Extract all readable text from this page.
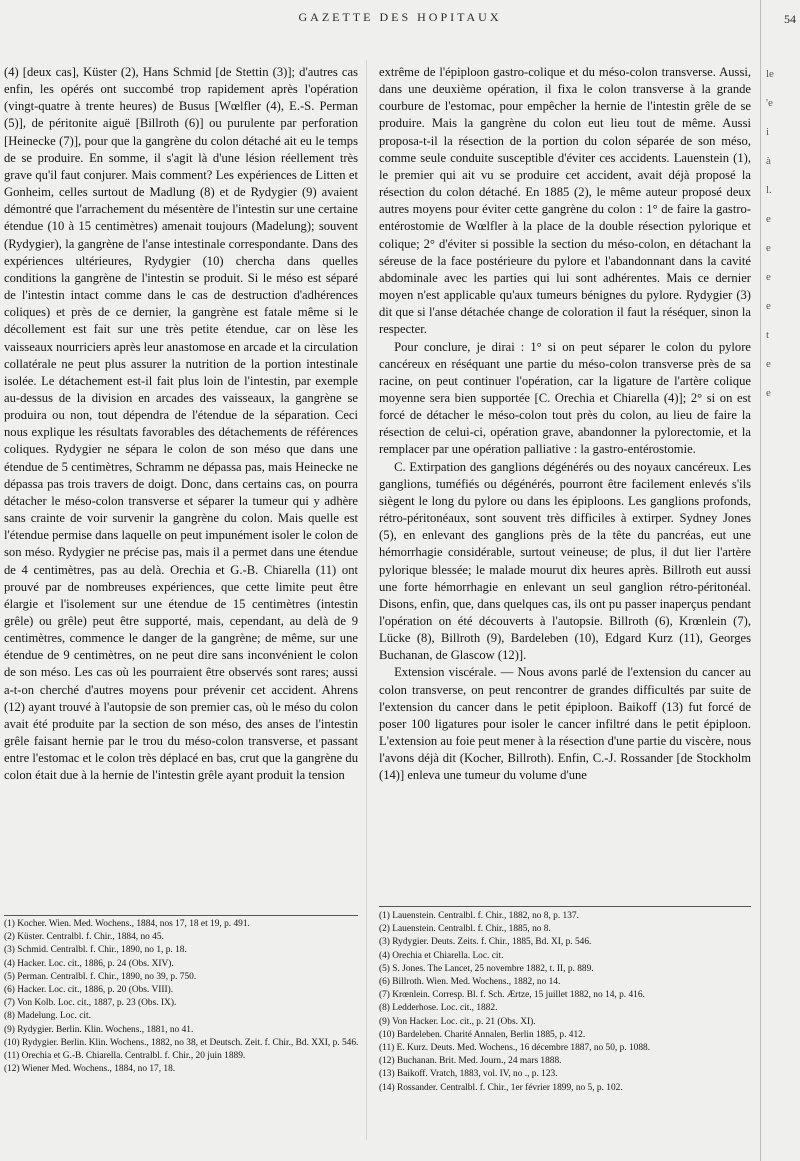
GAZETTE DES HOPITAUX	54

(4) [deux cas], Küster (2), Hans Schmid [de Stettin (3)]; d'autres cas enfin, les opérés ont succombé trop rapidement après l'opération (vingt-quatre à trente heures) de Busus [Wœlfler (4), E.-S. Perman (5)], de péritonite aiguë [Billroth (6)] ou purulente par perforation [Heinecke (7)], pour que la gangrène du colon détaché ait eu le temps de se produire. En somme, il s'agit là d'une lésion réellement très grave qu'il faut conjurer. Mais comment? Les expériences de Litten et Gonheim, celles surtout de Madlung (8) et de Rydygier (9) avaient démontré que l'arrachement du mésentère de l'intestin sur une certaine étendue (10 à 15 centimètres) amenait toujours (Madelung); souvent (Rydygier), la gangrène de l'anse intestinale correspondante. Dans des expériences ultérieures, Rydygier (10) chercha dans quelles conditions la gangrène de l'intestin se produit. Si le méso est séparé de l'intestin intact comme dans le cas de destruction d'adhérences coliques) et près de ce dernier, la gangrène est fatale même si le décollement est fait sur une très petite étendue, car on lèse les vaisseaux nourriciers après leur anastomose en arcade et la circulation collatérale ne peut plus assurer la nutrition de la portion intestinale isolée. Le détachement est-il fait plus loin de l'intestin, par exemple au-dessus de la division en arcades des vaisseaux, la gangrène se produira ou non, tout dépendra de l'étendue de la séparation. Ceci nous explique les résultats favorables des détachements de références coliques. Rydygier ne sépara le colon de son méso que dans une étendue de 5 centimètres, Schramm ne dépassa pas, mais Heinecke ne dépassa pas trois travers de doigt. Donc, dans certains cas, on pourra détacher le méso-colon transverse et séparer la tumeur qui y adhère sans crainte de voir survenir la gangrène du colon. Mais quelle est l'étendue permise dans laquelle on peut impunément isoler le colon de son méso. Rydygier ne précise pas, mais il a permet dans une étendue de 4 centimètres, pas au delà. Orechia et G.-B. Chiarella (11) ont prouvé par de nombreuses expériences, que cette limite peut être élargie et l'isolement sur une étendue de 15 centimètres (intestin grêle) ou grêle) peut être supporté, mais, cependant, au delà de 9 centimètres, commence le danger de la gangrène; de même, sur une étendue de 9 centimètres, on ne peut dire sans inconvénient le colon de son méso. Les cas où les pourraient être observés sont rares; aussi a-t-on cherché d'autres moyens pour prévenir cet accident. Ahrens (12) ayant trouvé à l'autopsie de son premier cas, où le méso du colon avait été produite par la section de son méso, des anses de l'intestin grêle faisant hernie par le trou du méso-colon transverse, et passant entre l'estomac et le colon très déplacé en bas, crut que la gangrène du colon était due à la hernie de l'intestin grêle ayant produit la tension

extrême de l'épiploon gastro-colique et du méso-colon transverse. Aussi, dans une deuxième opération, il fixa le colon transverse à la grande courbure de l'estomac, pour empêcher la hernie de l'intestin grêle de se produire. Mais la gangrène du colon eut lieu tout de même. Aussi proposa-t-il la résection de la portion du colon séparée de son méso, comme seule conduite susceptible d'éviter ces accidents. Lauenstein (1), le premier qui ait vu se produire cet accident, avait déjà proposé la résection du colon détaché. En 1885 (2), le même auteur proposé deux autres moyens pour éviter cette gangrène du colon : 1° de faire la gastro-entérostomie de Wœlfler à la place de la double résection pylorique et colique; 2° d'éviter si possible la section du méso-colon, en détachant la séreuse de la face postérieure du pylore et l'abandonnant dans la cavité abdominale avec les parties qui lui sont adhérentes. Mais ce dernier moyen n'est applicable qu'aux tumeurs bénignes du pylore. Rydygier (3) dit que si l'anse détachée change de coloration il faut la réséquer, sinon la respecter.

Pour conclure, je dirai : 1° si on peut séparer le colon du pylore cancéreux en réséquant une partie du méso-colon transverse près de sa racine, on peut continuer l'opération, car la ligature de l'artère colique moyenne sera bien supportée [C. Orechia et Chiarella (4)]; 2° si on est forcé de détacher le méso-colon tout près du colon, au lieu de faire la résection de celui-ci, opération grave, abandonner la pylorectomie, et la remplacer par une opération palliative : la gastro-entérostomie.

C. Extirpation des ganglions dégénérés ou des noyaux cancéreux. Les ganglions, tuméfiés ou dégénérés, pourront être facilement enlevés s'ils siègent le long du pylore ou dans les épiploons. Les ganglions profonds, rétro-péritonéaux, sont souvent très difficiles à extirper. Sydney Jones (5), en enlevant des ganglions près de la tête du pancréas, eut une hémorrhagie considérable, surtout veineuse; de plus, il dut lier l'artère pylorique blessée; le malade mourut dix heures après. Billroth eut aussi une forte hémorrhagie en enlevant un seul ganglion rétro-péritonéal. Disons, enfin, que, dans quelques cas, ils ont pu passer inaperçus pendant l'opération on été découverts à l'autopsie. Billroth (6), Krœnlein (7), Lücke (8), Billroth (9), Bardeleben (10), Edgard Kurz (11), Georges Buchanan, de Glascow (12)].

Extension viscérale. — Nous avons parlé de l'extension du cancer au colon transverse, on peut rencontrer de grandes difficultés par suite de l'extension du cancer dans le petit épiploon. Baikoff (13) fut forcé de poser 100 ligatures pour isoler le cancer infiltré dans le petit épiploon. L'extension au foie peut mener à la résection d'une partie du viscère, nous l'avons déjà dit (Kocher, Billroth). Enfin, C.-J. Rossander [de Stockholm (14)] enleva une tumeur du volume d'une

(1) Kocher. Wien. Med. Wochens., 1884, nos 17, 18 et 19, p. 491.
(2) Küster. Centralbl. f. Chir., 1884, no 45.
(3) Schmid. Centralbl. f. Chir., 1890, no 1, p. 18.
(4) Hacker. Loc. cit., 1886, p. 24 (Obs. XIV).
(5) Perman. Centralbl. f. Chir., 1890, no 39, p. 750.
(6) Hacker. Loc. cit., 1886, p. 20 (Obs. VIII).
(7) Von Kolb. Loc. cit., 1887, p. 23 (Obs. IX).
(8) Madelung. Loc. cit.
(9) Rydygier. Berlin. Klin. Wochens., 1881, no 41.
(10) Rydygier. Berlin. Klin. Wochens., 1882, no 38, et Deutsch. Zeit. f. Chir., Bd. XXI, p. 546.
(11) Orechia et G.-B. Chiarella. Centralbl. f. Chir., 20 juin 1889.
(12) Wiener Med. Wochens., 1884, no 17, 18.
(1) Lauenstein. Centralbl. f. Chir., 1882, no 8, p. 137.
(2) Lauenstein. Centralbl. f. Chir., 1885, no 8.
(3) Rydygier. Deuts. Zeits. f. Chir., 1885, Bd. XI, p. 546.
(4) Orechia et Chiarella. Loc. cit.
(5) S. Jones. The Lancet, 25 novembre 1882, t. II, p. 889.
(6) Billroth. Wien. Med. Wochens., 1882, no 14.
(7) Krœnlein. Corresp. Bl. f. Sch. Ærtze, 15 juillet 1882, no 14, p. 416.
(8) Ledderhose. Loc. cit., 1882.
(9) Von Hacker. Loc. cit., p. 21 (Obs. XI).
(10) Bardeleben. Charité Annalen, Berlin 1885, p. 412.
(11) E. Kurz. Deuts. Med. Wochens., 16 décembre 1887, no 50, p. 1088.
(12) Buchanan. Brit. Med. Journ., 24 mars 1888.
(13) Baikoff. Vratch, 1883, vol. IV, no ., p. 123.
(14) Rossander. Centralbl. f. Chir., 1er février 1899, no 5, p. 102.
le
'e
i
à
l.
e
e
e
e
t
e
e
